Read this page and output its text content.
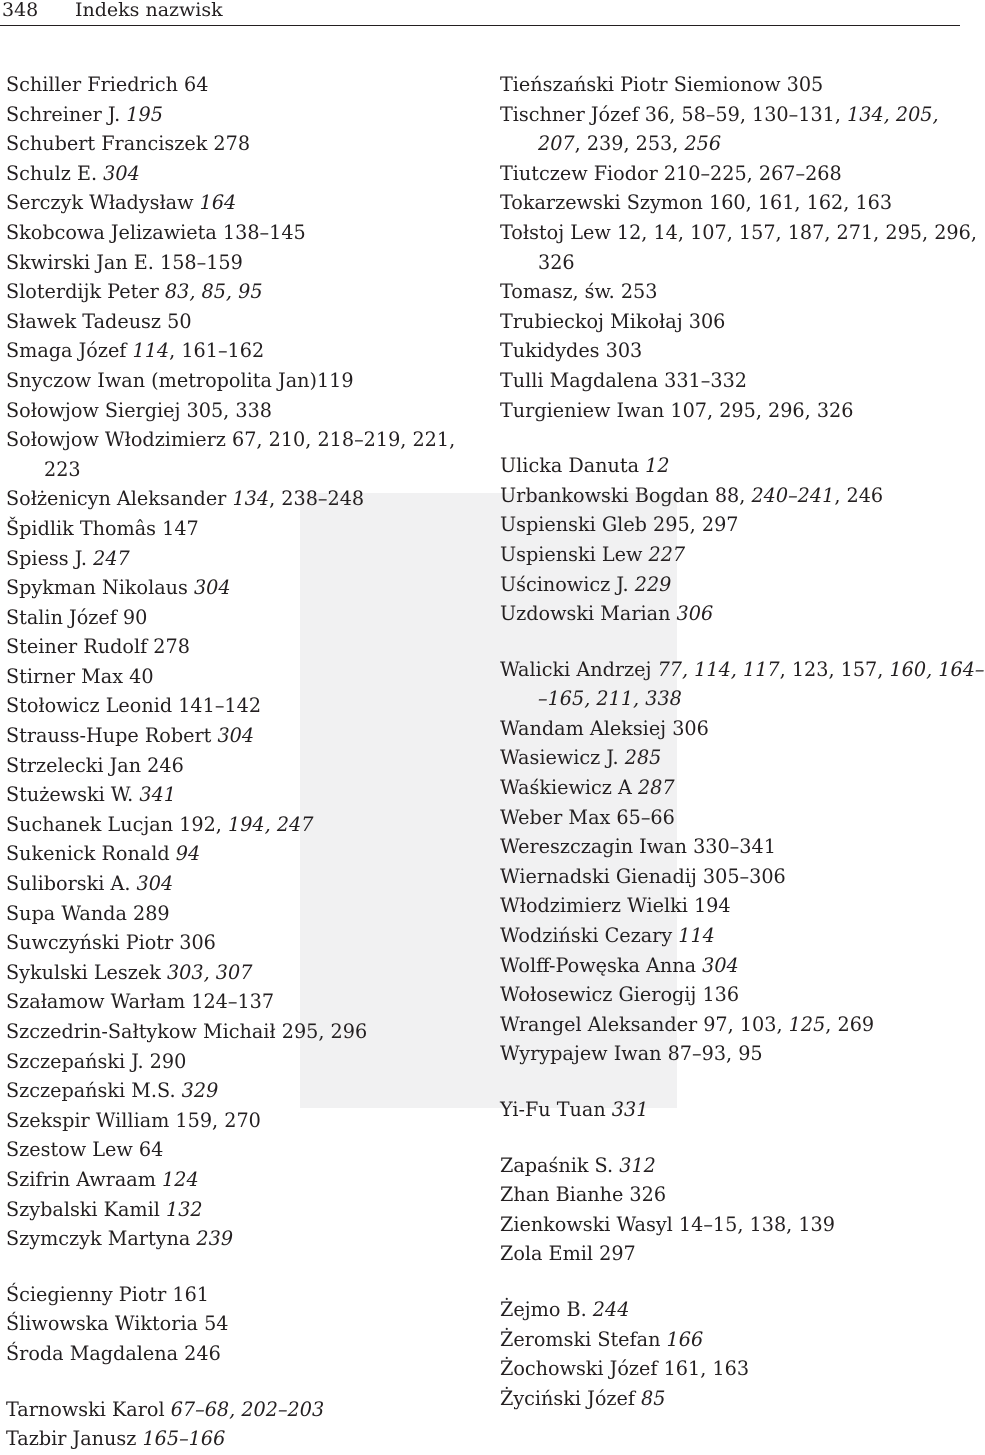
348 Indeks nazwisk
Schiller Friedrich 64
Schreiner J. 195
Schubert Franciszek 278
Schulz E. 304
Serczyk Władysław 164
Skobcowa Jelizawieta 138–145
Skwirski Jan E. 158–159
Sloterdijk Peter 83, 85, 95
Sławek Tadeusz 50
Smaga Józef 114, 161–162
Snyczow Iwan (metropolita Jan)119
Sołowjow Siergiej 305, 338
Sołowjow Włodzimierz 67, 210, 218–219, 221,
223
Sołżenicyn Aleksander 134, 238–248
Špidlik Thomâs 147
Spiess J. 247
Spykman Nikolaus 304
Stalin Józef 90
Steiner Rudolf 278
Stirner Max 40
Stołowicz Leonid 141–142
Strauss-Hupe Robert 304
Strzelecki Jan 246
Stużewski W. 341
Suchanek Lucjan 192, 194, 247
Sukenick Ronald 94
Suliborski A. 304
Supa Wanda 289
Suwczyński Piotr 306
Sykulski Leszek 303, 307
Szałamow Warłam 124–137
Szczedrin-Sałtykow Michaił 295, 296
Szczepański J. 290
Szczepański M.S. 329
Szekspir William 159, 270
Szestow Lew 64
Szifrin Awraam 124
Szybalski Kamil 132
Szymczyk Martyna 239
Ściegienny Piotr 161
Śliwowska Wiktoria 54
Środa Magdalena 246
Tarnowski Karol 67–68, 202–203
Tazbir Janusz 165–166
Tieńszański Piotr Siemionow 305
Tischner Józef 36, 58–59, 130–131, 134, 205,
207, 239, 253, 256
Tiutczew Fiodor 210–225, 267–268
Tokarzewski Szymon 160, 161, 162, 163
Tołstoj Lew 12, 14, 107, 157, 187, 271, 295, 296,
326
Tomasz, św. 253
Trubieckoj Mikołaj 306
Tukidydes 303
Tulli Magdalena 331–332
Turgieniew Iwan 107, 295, 296, 326
Ulicka Danuta 12
Urbankowski Bogdan 88, 240–241, 246
Uspienski Gleb 295, 297
Uspienski Lew 227
Uścinowicz J. 229
Uzdowski Marian 306
Walicki Andrzej 77, 114, 117, 123, 157, 160, 164–
–165, 211, 338
Wandam Aleksiej 306
Wasiewicz J. 285
Waśkiewicz A 287
Weber Max 65–66
Wereszczagin Iwan 330–341
Wiernadski Gienadij 305–306
Włodzimierz Wielki 194
Wodziński Cezary 114
Wolff-Powęska Anna 304
Wołosewicz Gierogij 136
Wrangel Aleksander 97, 103, 125, 269
Wyrypajew Iwan 87–93, 95
Yi-Fu Tuan 331
Zapaśnik S. 312
Zhan Bianhe 326
Zienkowski Wasyl 14–15, 138, 139
Zola Emil 297
Żejmo B. 244
Żeromski Stefan 166
Żochowski Józef 161, 163
Życiński Józef 85
